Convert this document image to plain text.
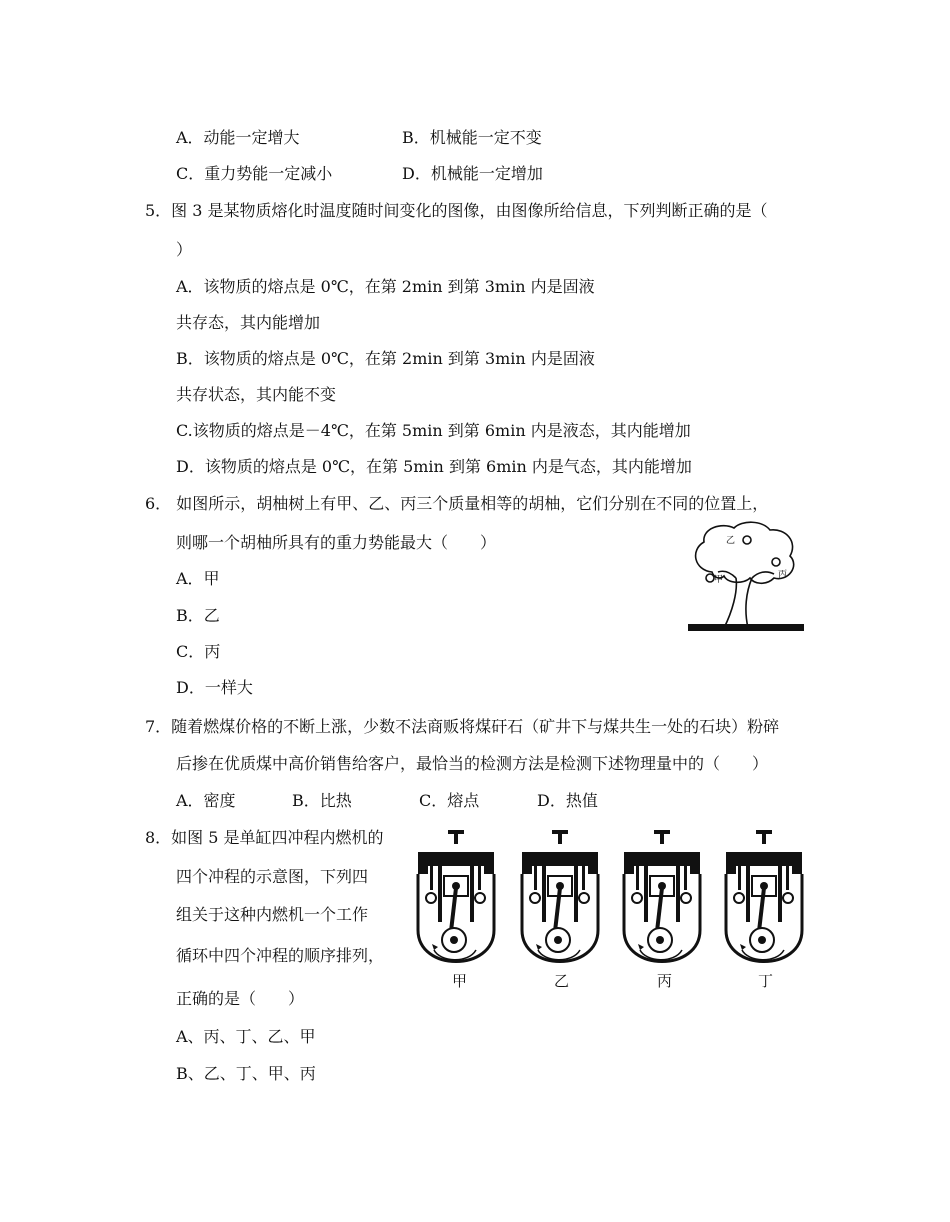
A．动能一定增大	B．机械能一定不变
C．重力势能一定减小	D．机械能一定增加
5．图 3 是某物质熔化时温度随时间变化的图像，由图像所给信息，下列判断正确的是（
）
A．该物质的熔点是 0℃，在第 2min 到第 3min 内是固液
共存态，其内能增加
B．该物质的熔点是 0℃，在第 2min 到第 3min 内是固液
共存状态，其内能不变
C.该物质的熔点是－4℃，在第 5min 到第 6min 内是液态，其内能增加
D．该物质的熔点是 0℃，在第 5min 到第 6min 内是气态，其内能增加
6． 如图所示，胡柚树上有甲、乙、丙三个质量相等的胡柚，它们分别在不同的位置上，
则哪一个胡柚所具有的重力势能最大（　　）
A．甲
B．乙
C．丙
D．一样大
乙
甲	丙
7．随着燃煤价格的不断上涨，少数不法商贩将煤矸石（矿井下与煤共生一处的石块）粉碎
后掺在优质煤中高价销售给客户，最恰当的检测方法是检测下述物理量中的（　　）
A．密度	B．比热	C．熔点	D．热值
8．如图 5 是单缸四冲程内燃机的
四个冲程的示意图，下列四
组关于这种内燃机一个工作
循环中四个冲程的顺序排列，
正确的是（　　）
A、丙、丁、乙、甲
B、乙、丁、甲、丙
甲	乙	丙	丁
